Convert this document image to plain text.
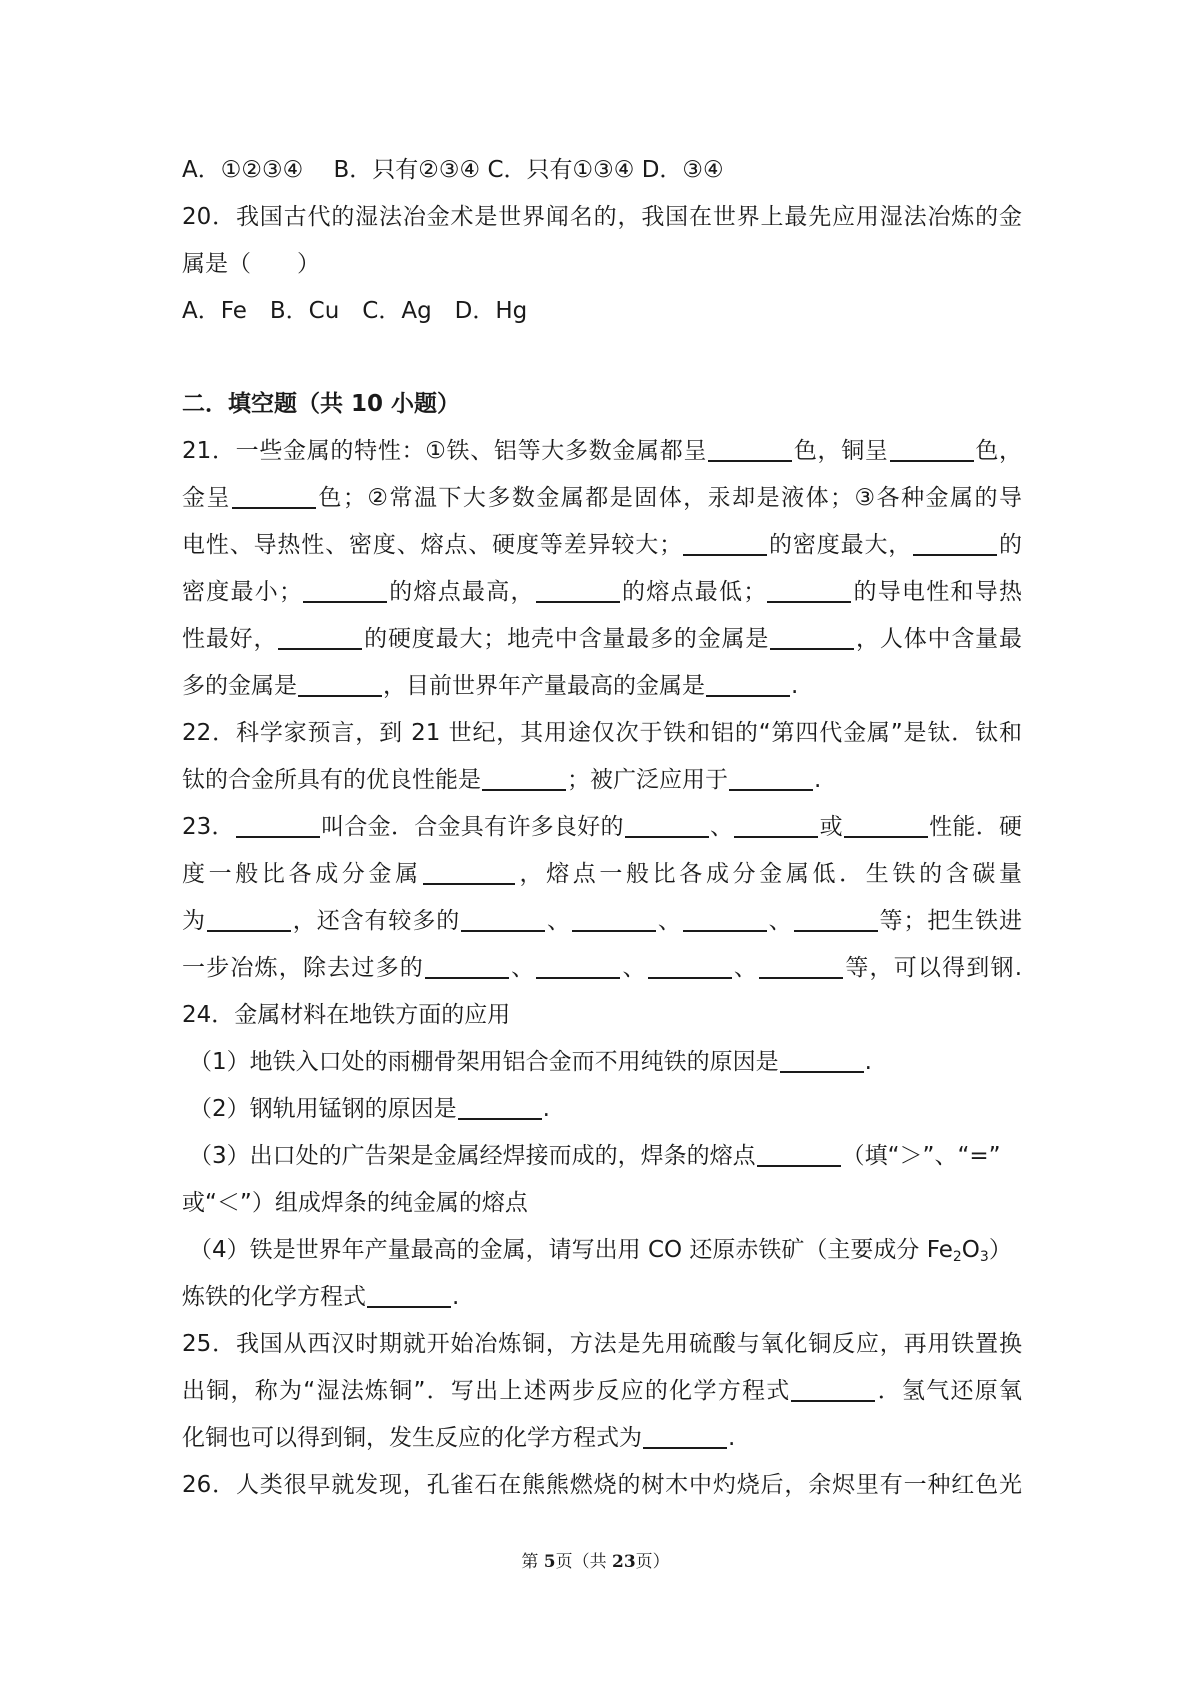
A．①②③④　 B．只有②③④ C．只有①③④ D．③④
20．我国古代的湿法冶金术是世界闻名的，我国在世界上最先应用湿法冶炼的金
属是（　　）
A．Fe　B．Cu　C．Ag　D．Hg
二．填空题（共 10 小题）
21．一些金属的特性：①铁、铝等大多数金属都呈	色，铜呈	色，
金呈	色；②常温下大多数金属都是固体，汞却是液体；③各种金属的导
电性、导热性、密度、熔点、硬度等差异较大；	的密度最大，	的
密度最小；	的熔点最高，	的熔点最低；	的导电性和导热
性最好，	的硬度最大；地壳中含量最多的金属是	，人体中含量最
多的金属是	，目前世界年产量最高的金属是	.
22．科学家预言，到 21 世纪，其用途仅次于铁和铝的“第四代金属”是钛．钛和
钛的合金所具有的优良性能是	；被广泛应用于	.
23．	叫合金．合金具有许多良好的	、	或	性能．硬
度一般比各成分金属	，熔点一般比各成分金属低．生铁的含碳量
为	，还含有较多的	、	、	、	等；把生铁进
一步冶炼，除去过多的	、	、	、	等，可以得到钢.
24．金属材料在地铁方面的应用
（1）地铁入口处的雨棚骨架用铝合金而不用纯铁的原因是	.
（2）钢轨用锰钢的原因是	.
（3）出口处的广告架是金属经焊接而成的，焊条的熔点	（填“＞”、“=”
或“＜”）组成焊条的纯金属的熔点
（4）铁是世界年产量最高的金属，请写出用 CO 还原赤铁矿（主要成分 $Fe_2O_3$）
炼铁的化学方程式	.
25．我国从西汉时期就开始冶炼铜，方法是先用硫酸与氧化铜反应，再用铁置换
出铜，称为“湿法炼铜”．写出上述两步反应的化学方程式	．氢气还原氧
化铜也可以得到铜，发生反应的化学方程式为	.
26．人类很早就发现，孔雀石在熊熊燃烧的树木中灼烧后，余烬里有一种红色光
第 5页（共 23页）
